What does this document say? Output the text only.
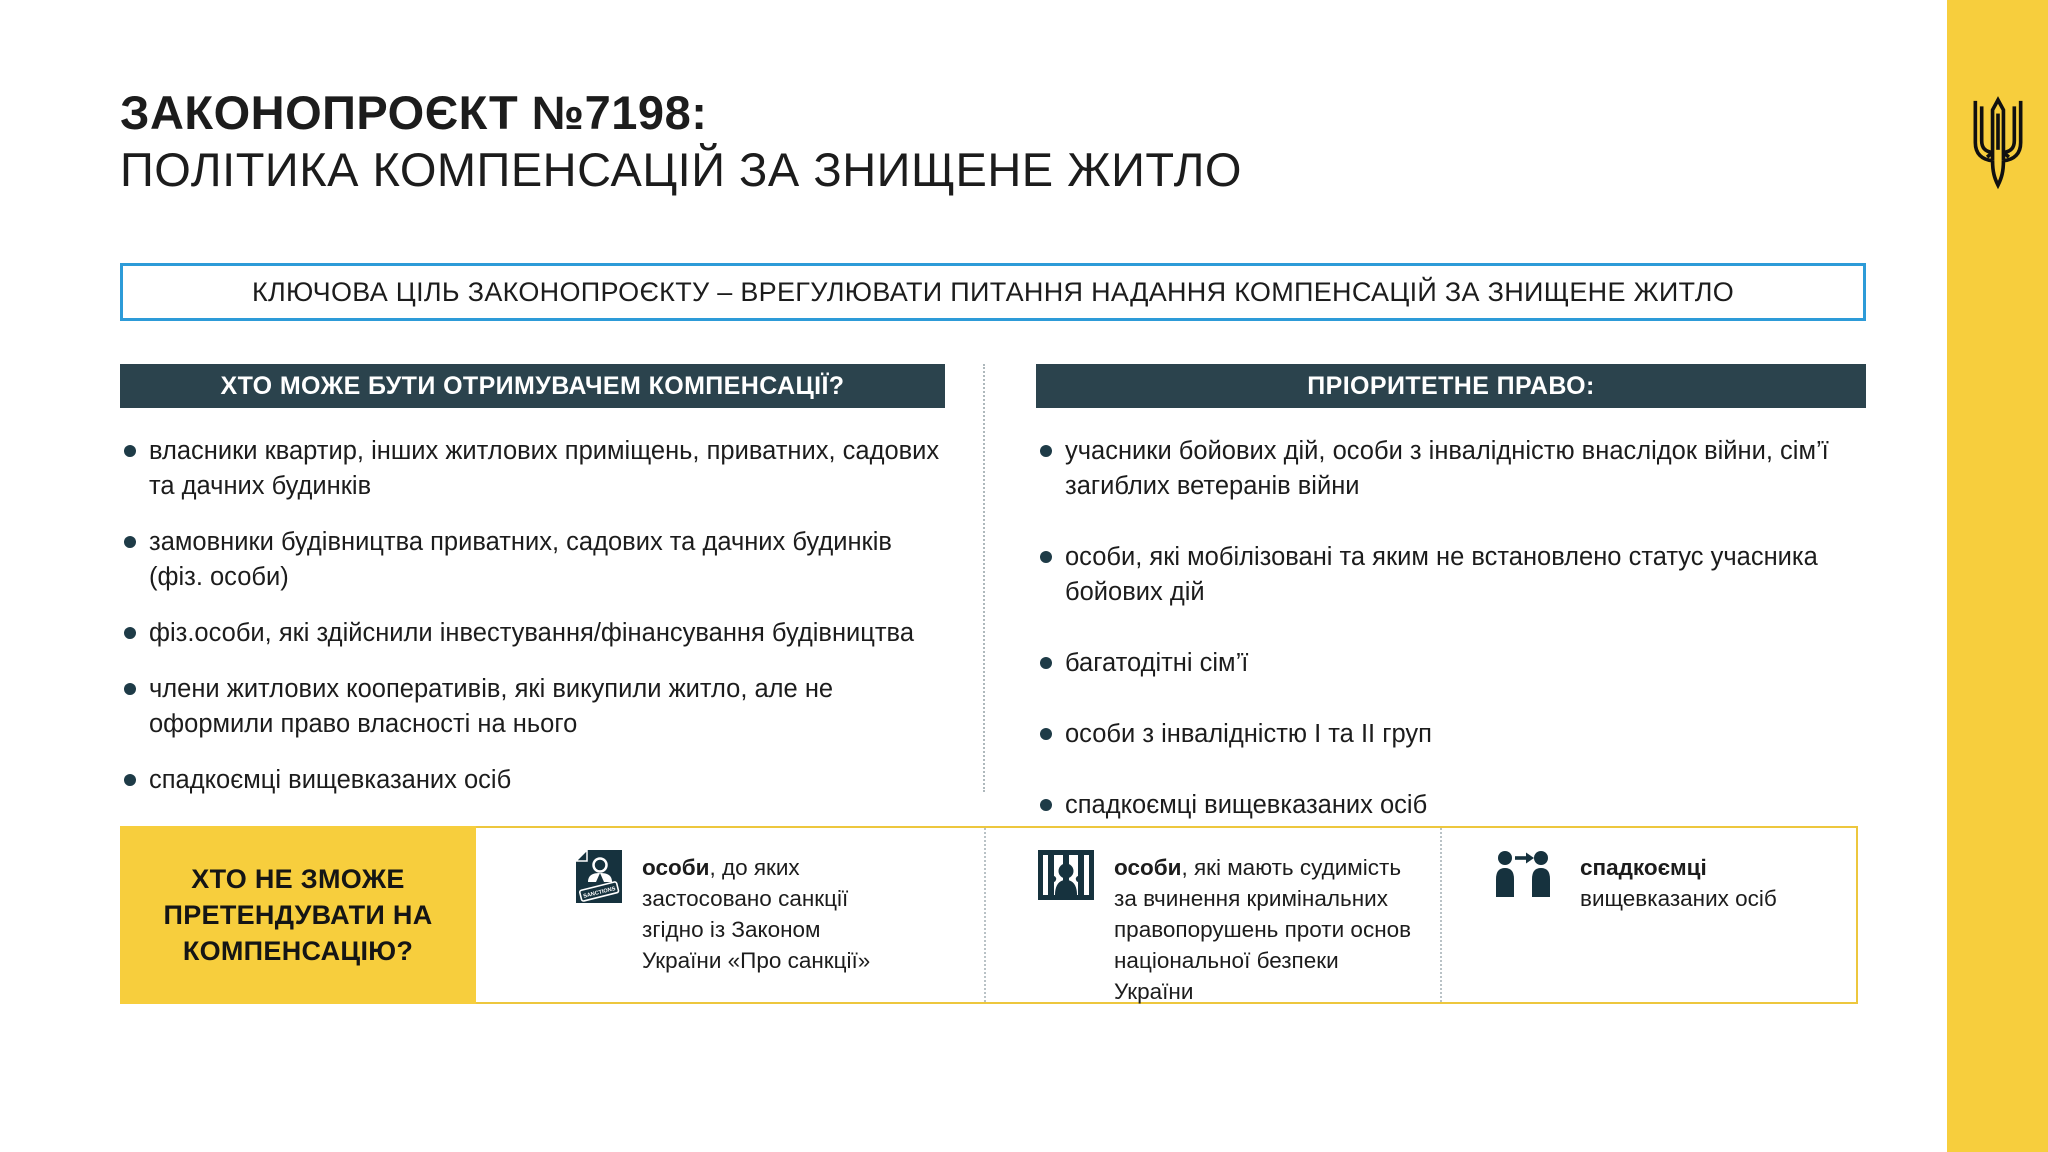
ЗАКОНОПРОЄКТ №7198:
ПОЛІТИКА КОМПЕНСАЦІЙ ЗА ЗНИЩЕНЕ ЖИТЛО
КЛЮЧОВА ЦІЛЬ ЗАКОНОПРОЄКТУ – ВРЕГУЛЮВАТИ ПИТАННЯ НАДАННЯ КОМПЕНСАЦІЙ ЗА ЗНИЩЕНЕ ЖИТЛО
ХТО МОЖЕ БУТИ ОТРИМУВАЧЕМ КОМПЕНСАЦІЇ?
власники квартир, інших житлових приміщень, приватних, садових та дачних будинків
замовники будівництва приватних, садових та дачних будинків (фіз. особи)
фіз.особи, які здійснили інвестування/фінансування будівництва
члени житлових кооперативів, які викупили житло, але не оформили право власності на нього
спадкоємці вищевказаних осіб
ПРІОРИТЕТНЕ ПРАВО:
учасники бойових дій, особи з інвалідністю внаслідок війни, сім’ї загиблих ветеранів війни
особи, які мобілізовані та яким не встановлено статус учасника бойових дій
багатодітні сім’ї
особи з інвалідністю І та ІІ груп
спадкоємці вищевказаних осіб
ХТО НЕ ЗМОЖЕ ПРЕТЕНДУВАТИ НА КОМПЕНСАЦІЮ?
SANCTIONS

особи, до яких застосовано санкції згідно із Законом України «Про санкції»

особи, які мають судимість за вчинення кримінальних правопорушень проти основ національної безпеки України

спадкоємці вищевказаних осіб
